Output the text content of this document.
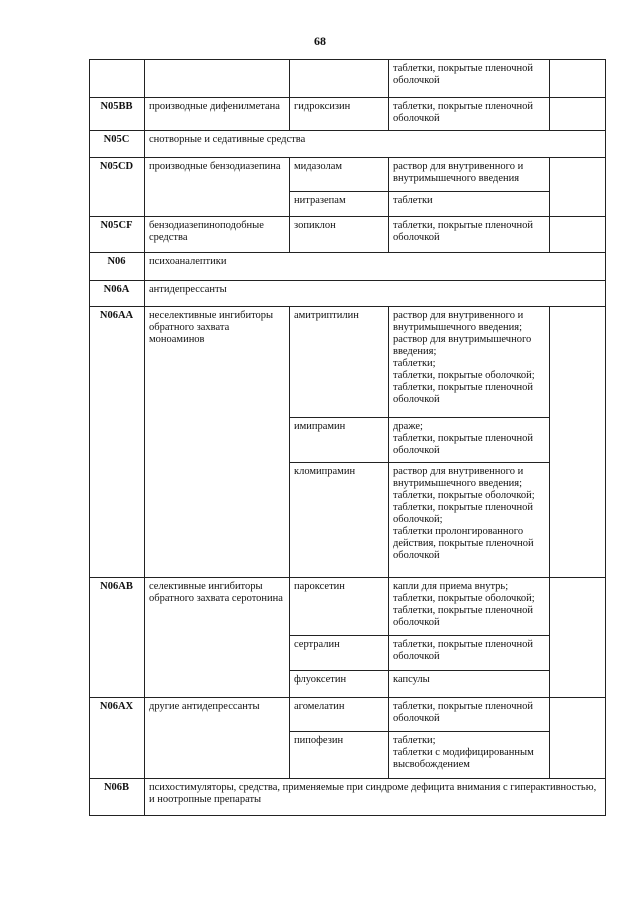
68
			таблетки, покрытые пленочной оболочкой	
N05BB	производные дифенилметана	гидроксизин	таблетки, покрытые пленочной оболочкой	
N05C	снотворные и седативные средства			
N05CD	производные бензодиазепина	мидазолам	раствор для внутривенного и внутримышечного введения	
		нитразепам	таблетки	
N05CF	бензодиазепиноподобные средства	зопиклон	таблетки, покрытые пленочной оболочкой	
N06	психоаналептики			
N06A	антидепрессанты			
N06AA	неселективные ингибиторы обратного захвата моноаминов	амитриптилин	раствор для внутривенного и внутримышечного введения;
раствор для внутримышечного введения;
таблетки;
таблетки, покрытые оболочкой;
таблетки, покрытые пленочной оболочкой	
		имипрамин	драже;
таблетки, покрытые пленочной оболочкой	
		кломипрамин	раствор для внутривенного и внутримышечного введения;
таблетки, покрытые оболочкой;
таблетки, покрытые пленочной оболочкой;
таблетки пролонгированного действия, покрытые пленочной оболочкой	
N06AB	селективные ингибиторы обратного захвата серотонина	пароксетин	капли для приема внутрь;
таблетки, покрытые оболочкой;
таблетки, покрытые пленочной оболочкой	
		сертралин	таблетки, покрытые пленочной оболочкой	
		флуоксетин	капсулы	
N06AX	другие антидепрессанты	агомелатин	таблетки, покрытые пленочной оболочкой	
		пипофезин	таблетки;
таблетки с модифицированным высвобождением	
N06B	психостимуляторы, средства, применяемые при синдроме дефицита внимания с гиперактивностью, и ноотропные препараты			
